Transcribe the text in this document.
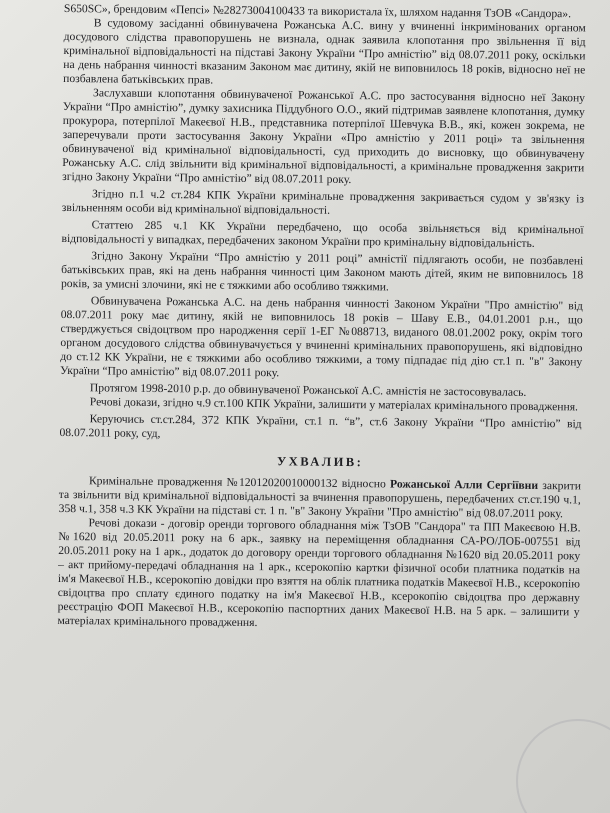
S650SC», брендовим «Пепсі» №28273004100433 та використала їх, шляхом надання ТзОВ «Сандора».

В судовому засіданні обвинувачена Рожанська А.С. вину у вчиненні інкримінованих органом досудового слідства правопорушень не визнала, однак заявила клопотання про звільнення її від кримінальної відповідальності на підставі Закону України “Про амністію” від 08.07.2011 року, оскільки на день набрання чинності вказаним Законом має дитину, якій не виповнилось 18 років, відносно неї не позбавлена батьківських прав.

Заслухавши клопотання обвинуваченої Рожанської А.С. про застосування відносно неї Закону України “Про амністію”, думку захисника Піддубного О.О., який підтримав заявлене клопотання, думку прокурора, потерпілої Макеєвої Н.В., представника потерпілої Шевчука В.В., які, кожен зокрема, не заперечували проти застосування Закону України «Про амністію у 2011 році» та звільнення обвинуваченої від кримінальної відповідальності, суд приходить до висновку, що обвинувачену Рожанську А.С. слід звільнити від кримінальної відповідальності, а кримінальне провадження закрити згідно Закону України “Про амністію” від 08.07.2011 року.

Згідно п.1 ч.2 ст.284 КПК України кримінальне провадження закривається судом у зв'язку із звільненням особи від кримінальної відповідальності.

Статтею 285 ч.1 КК України передбачено, що особа звільняється від кримінальної відповідальності у випадках, передбачених законом України про кримінальну відповідальність.

Згідно Закону України “Про амністію у 2011 році” амністії підлягають особи, не позбавлені батьківських прав, які на день набрання чинності цим Законом мають дітей, яким не виповнилось 18 років, за умисні злочини, які не є тяжкими або особливо тяжкими.

Обвинувачена Рожанська А.С. на день набрання чинності Законом України "Про амністію" від 08.07.2011 року має дитину, якій не виповнилось 18 років – Шаву Е.В., 04.01.2001 р.н., що стверджується свідоцтвом про народження серії 1-ЕГ №088713, виданого 08.01.2002 року, окрім того органом досудового слідства обвинувачується у вчиненні кримінальних правопорушень, які відповідно до ст.12 КК України, не є тяжкими або особливо тяжкими, а тому підпадає під дію ст.1 п. "в" Закону України “Про амністію” від 08.07.2011 року.

Протягом 1998-2010 р.р. до обвинуваченої Рожанської А.С. амністія не застосовувалась.

Речові докази, згідно ч.9 ст.100 КПК України, залишити у матеріалах кримінального провадження.

Керуючись ст.ст.284, 372 КПК України, ст.1 п. “в”, ст.6 Закону України “Про амністію” від 08.07.2011 року, суд,

УХВАЛИВ:

Кримінальне провадження №12012020010000132 відносно Рожанської Алли Сергіївни закрити та звільнити від кримінальної відповідальності за вчинення правопорушень, передбачених ст.ст.190 ч.1, 358 ч.1, 358 ч.3 КК України на підставі ст. 1 п. "в" Закону України "Про амністію" від 08.07.2011 року.

Речові докази - договір оренди торгового обладнання між ТзОВ "Сандора" та ПП Макеєвою Н.В. №1620 від 20.05.2011 року на 6 арк., заявку на переміщення обладнання СА-РО/ЛОБ-007551 від 20.05.2011 року на 1 арк., додаток до договору оренди торгового обладнання №1620 від 20.05.2011 року – акт прийому-передачі обладнання на 1 арк., ксерокопію картки фізичної особи платника податків на ім'я Макеєвої Н.В., ксерокопію довідки про взяття на облік платника податків Макеєвої Н.В., ксерокопію свідоцтва про сплату єдиного податку на ім'я Макеєвої Н.В., ксерокопію свідоцтва про державну реєстрацію ФОП Макеєвої Н.В., ксерокопію паспортних даних Макеєвої Н.В. на 5 арк. – залишити у матеріалах кримінального провадження.
